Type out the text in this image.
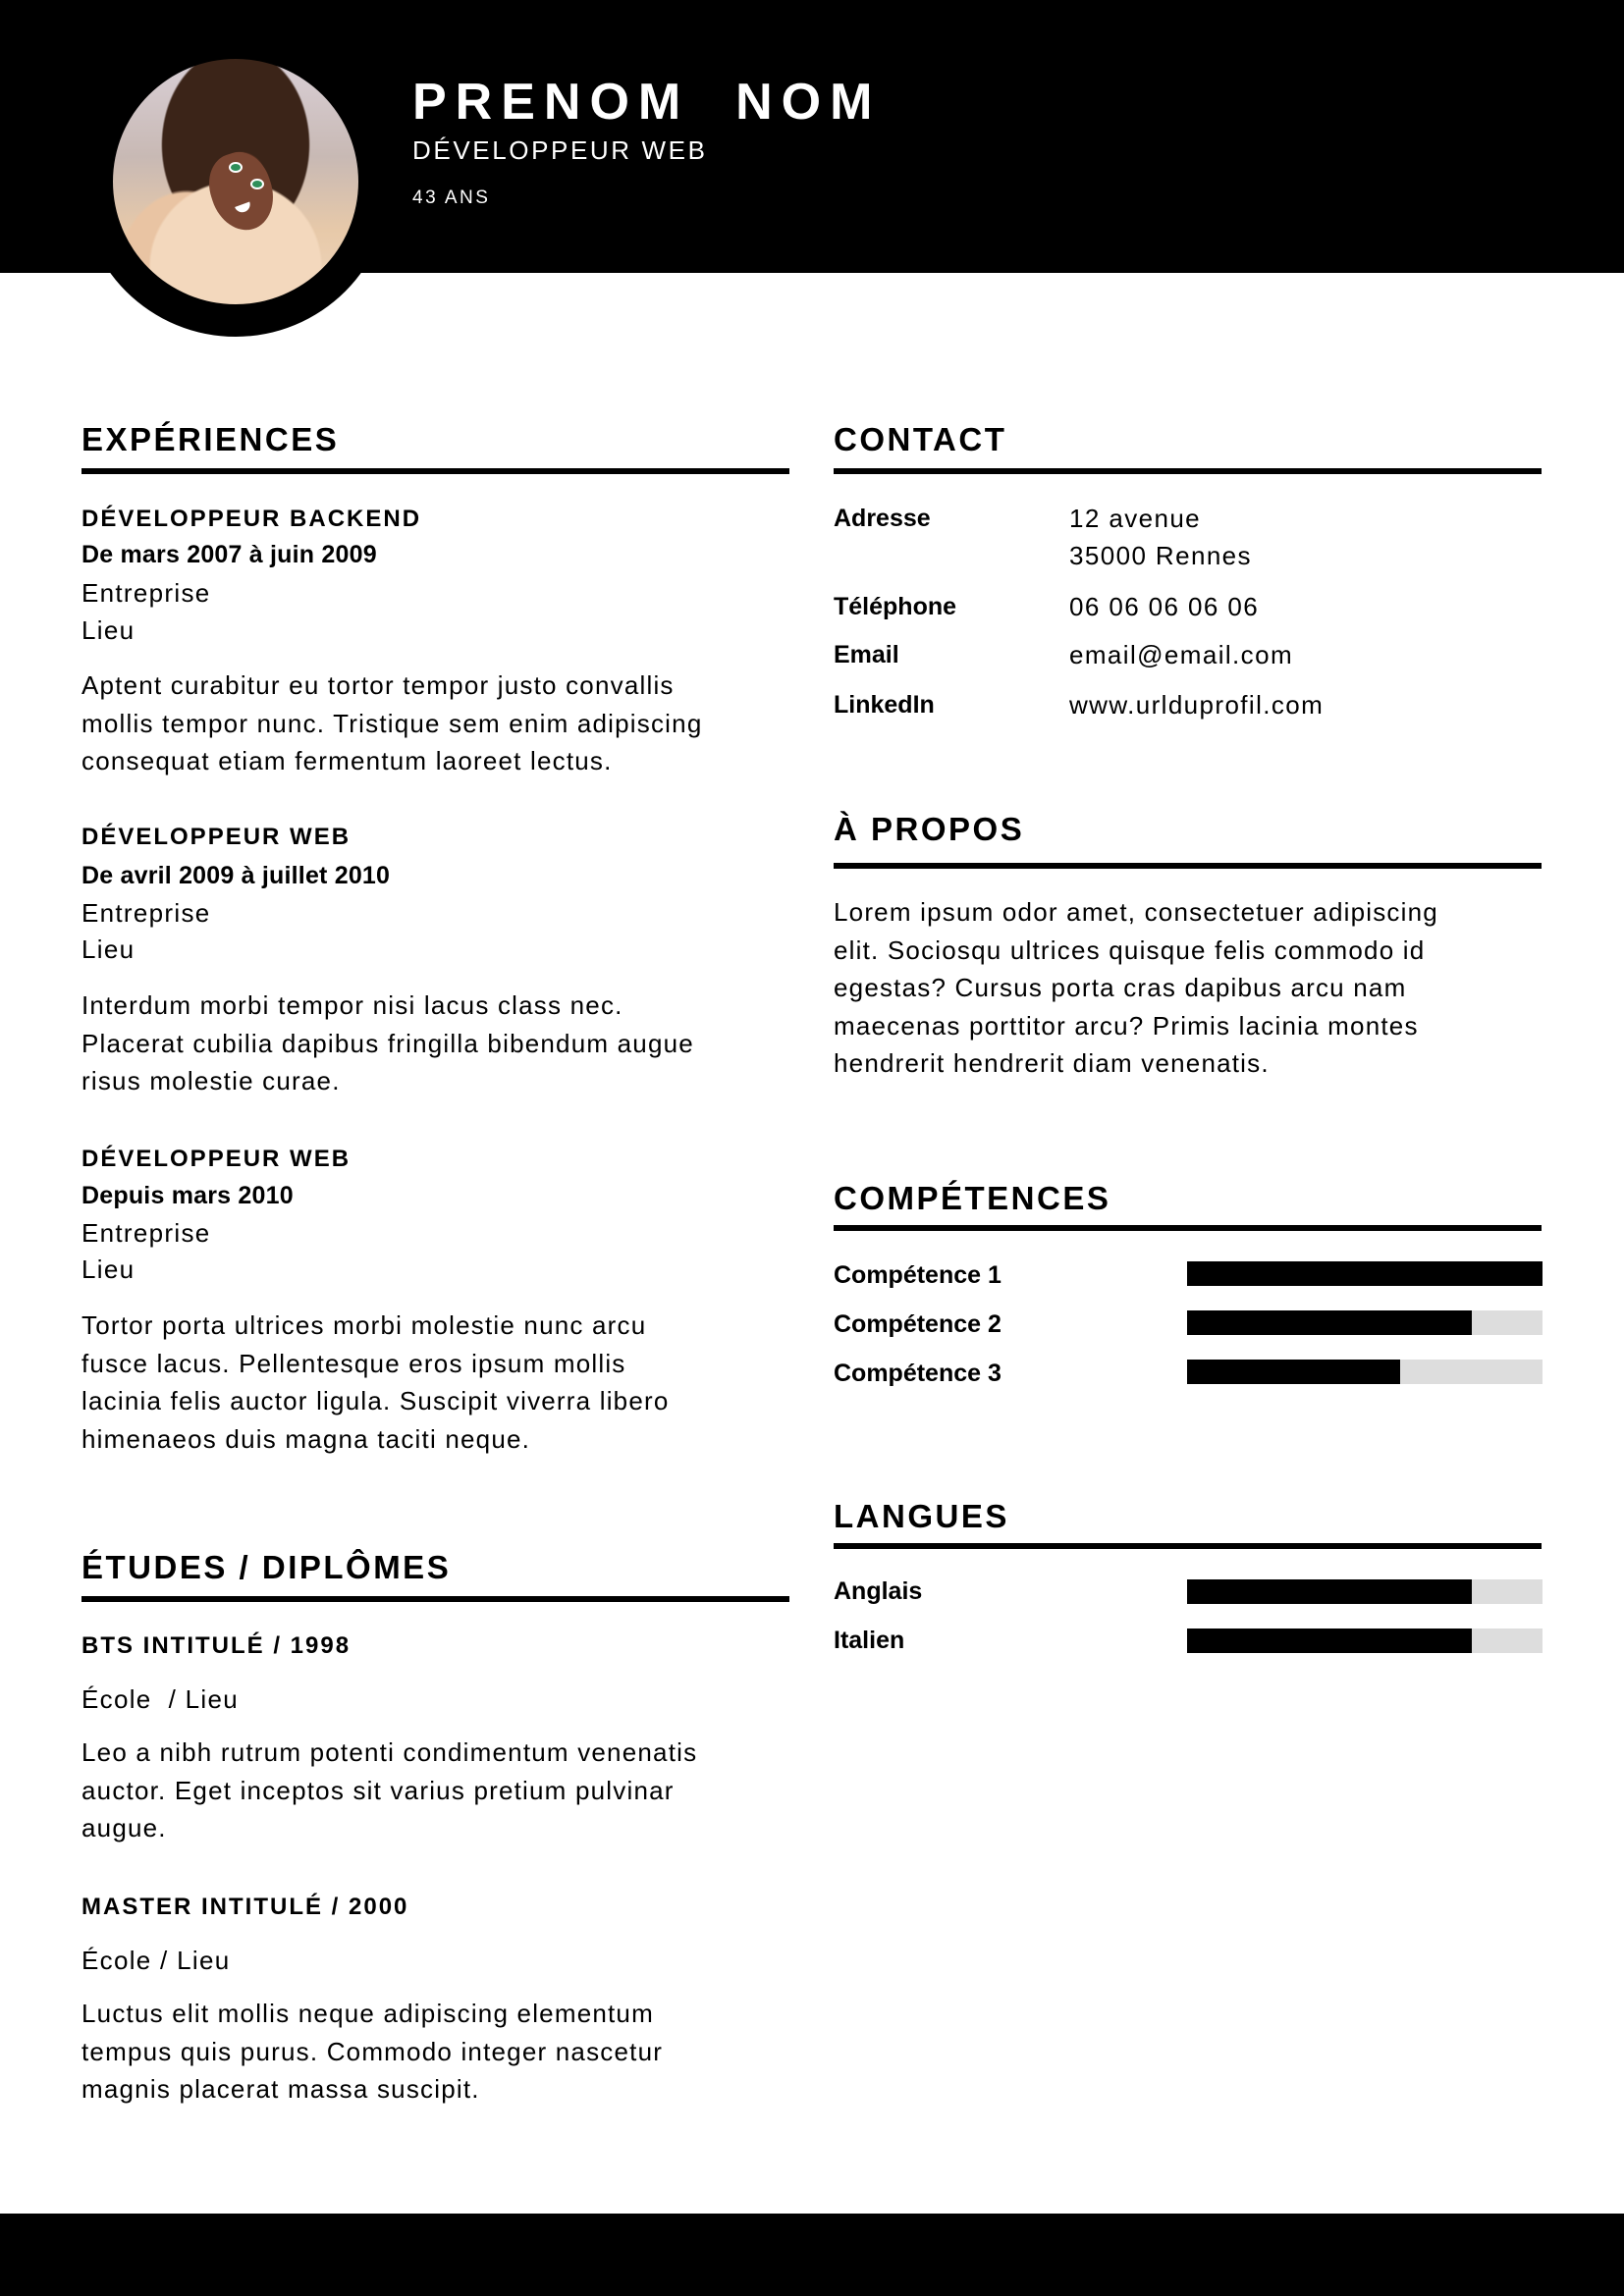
PRENOM  NOM
DÉVELOPPEUR WEB
43 ANS
EXPÉRIENCES
DÉVELOPPEUR BACKEND
De mars 2007 à juin 2009
Entreprise
Lieu
Aptent curabitur eu tortor tempor justo convallis
mollis tempor nunc. Tristique sem enim adipiscing
consequat etiam fermentum laoreet lectus.
DÉVELOPPEUR WEB
De avril 2009 à juillet 2010
Entreprise
Lieu
Interdum morbi tempor nisi lacus class nec.
Placerat cubilia dapibus fringilla bibendum augue
risus molestie curae.
DÉVELOPPEUR WEB
Depuis mars 2010
Entreprise
Lieu
Tortor porta ultrices morbi molestie nunc arcu
fusce lacus. Pellentesque eros ipsum mollis
lacinia felis auctor ligula. Suscipit viverra libero
himenaeos duis magna taciti neque.
ÉTUDES / DIPLÔMES
BTS INTITULÉ / 1998
École  / Lieu
Leo a nibh rutrum potenti condimentum venenatis
auctor. Eget inceptos sit varius pretium pulvinar
augue.
MASTER INTITULÉ / 2000
École / Lieu
Luctus elit mollis neque adipiscing elementum
tempus quis purus. Commodo integer nascetur
magnis placerat massa suscipit.
CONTACT
Adresse	12 avenue
35000 Rennes
Téléphone	06 06 06 06 06
Email	email@email.com
LinkedIn	www.urlduprofil.com
À PROPOS
Lorem ipsum odor amet, consectetuer adipiscing
elit. Sociosqu ultrices quisque felis commodo id
egestas? Cursus porta cras dapibus arcu nam
maecenas porttitor arcu? Primis lacinia montes
hendrerit hendrerit diam venenatis.
COMPÉTENCES
Compétence 1
Compétence 2
Compétence 3
LANGUES
Anglais
Italien
